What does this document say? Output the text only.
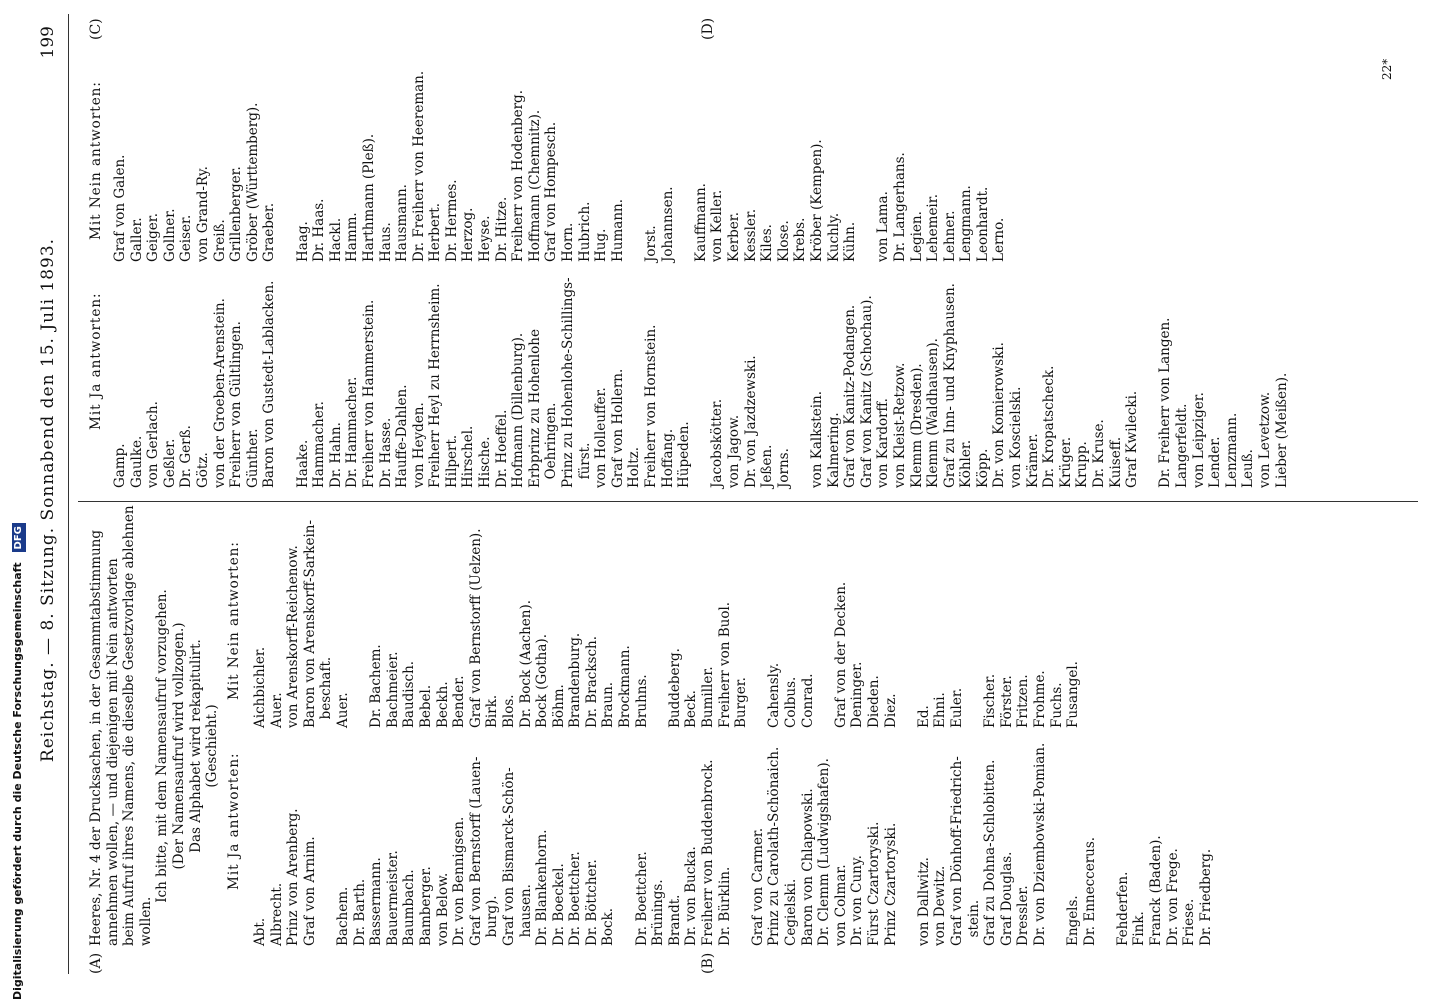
Reichstag. — 8. Sitzung. Sonnabend den 15. Juli 1893.
199
(A)	(B)
(C)	(D)
Heeres, Nr. 4 der Drucksachen, in der Gesammtabstimmung annehmen wollen, — und diejenigen mit Nein antworten beim Aufruf ihres Namens, die dieselbe Gesetzvorlage ablehnen wollen.
Ich bitte, mit dem Namensaufruf vorzugehen. (Der Namensaufruf wird vollzogen.) Das Alphabet wird rekapitulirt. (Geschieht.)
Mit Ja antworten:
Mit Nein antworten:
Abt. Albrecht. Prinz von Arenberg. Graf von Arnim. Bachem. Dr. Barth. Bassermann. Bauermeister. Baumbach. Bamberger. von Below. Dr. von Bennigsen. Graf von Bernstorff (Lauen- burg). Graf von Bismarck-Schön- hausen. Dr. Blankenhorn. Dr. Boeckel. Dr. Boettcher. Dr. Böttcher. Bock. Dr. Boettcher. Brünings. Brandt. Dr. von Bucka. Freiherr von Buddenbrock. Dr. Bürklin. Graf von Carmer. Prinz zu Carolath-Schönaich. Cegielski. Baron von Chlapowski. Dr. Clemm (Ludwigshafen). von Colmar. Dr. von Cuny. Fürst Czartoryski. Prinz Czartoryski. von Dallwitz. von Dewitz. Graf von Dönhoff-Friedrich- stein. Graf zu Dohna-Schlobitten. Graf Douglas. Dressler. Dr. von Dziembowski-Pomian. Engels. Dr. Enneccerus. Fehderfen. Fink. Franck (Baden). Dr. von Frege. Friese. Dr. Friedberg.
Aichbichler. Auer. von Arenskorff-Reichenow. Baron von Arenskorff-Sarkein- beschaft. Auer. Dr. Bachem. Bachmeier. Baudisch. Bebel. Beckh. Bender. Graf von Bernstorff (Uelzen). Birk. Blos. Dr. Bock (Aachen). Bock (Gotha). Böhm. Brandenburg. Dr. Bracksch. Braun. Brockmann. Bruhns. Buddeberg. Beck. Bumiller. Freiherr von Buol. Burger. Cahensly. Colbus. Conrad. Graf von der Decken. Deninger. Dieden. Diez. Ed. Ehni. Euler. Fischer. Förster. Fritzen. Frohme. Fuchs. Fusangel.
Mit Ja antworten:
Mit Nein antworten:
Gamp. Gaulke. von Gerlach. Geßler. Dr. Gerß. Götz. von der Groeben-Arenstein. Freiherr von Gültlingen. Günther. Baron von Gustedt-Lablacken. Haake. Hammacher. Dr. Hahn. Dr. Hammacher. Freiherr von Hammerstein. Dr. Hasse. Hauffe-Dahlen. von Heyden. Freiherr Heyl zu Herrnsheim. Hilpert. Hirschel. Hische. Dr. Hoeffel. Hofmann (Dillenburg). Erbprinz zu Hohenlohe Oehringen. Prinz zu Hohenlohe-Schillings- fürst. von Holleuffer. Graf von Hollern. Holtz. Freiherr von Hornstein. Hoffang. Hüpeden. Jacobskötter. von Jagow. Dr. von Jazdzewski. Jeßen. Jorns. von Kalkstein. Kalmering. Graf von Kanitz-Podangen. Graf von Kanitz (Schochau). von Kardorff. von Kleist-Retzow. Klemm (Dresden). Klemm (Waldhausen). Graf zu Inn- und Knyphausen. Köhler. Köpp. Dr. von Komierowski. von Koscielski. Krämer. Dr. Kropatscheck. Krüger. Krupp. Dr. Kruse. Kuiseff. Graf Kwilecki. Dr. Freiherr von Langen. Langerfeldt. von Leipziger. Lender. Lenzmann. Leuß. von Levetzow. Lieber (Meißen).
Graf von Galen. Galler. Geiger. Gollner. Geiser. von Grand-Ry. Greiß. Grillenberger. Gröber (Württemberg). Graeber. Haag. Dr. Haas. Hackl. Hamm. Harthmann (Pleß). Haus. Hausmann. Dr. Freiherr von Heereman. Herbert. Dr. Hermes. Herzog. Heyse. Dr. Hitze. Freiherr von Hodenberg. Hoffmann (Chemnitz). Graf von Hompesch. Horn. Hubrich. Hug. Humann. Jorst. Johannsen. Kauffmann. von Keller. Kerber. Kessler. Kiles. Klose. Krebs. Kröber (Kempen). Kuchly. Kühn. von Lama. Dr. Langerhans. Legien. Lehemeir. Lehner. Lengmann. Leonhardt. Lerno.
22*
Digitalisierung gefördert durch die Deutsche Forschungsgemeinschaft DFG
